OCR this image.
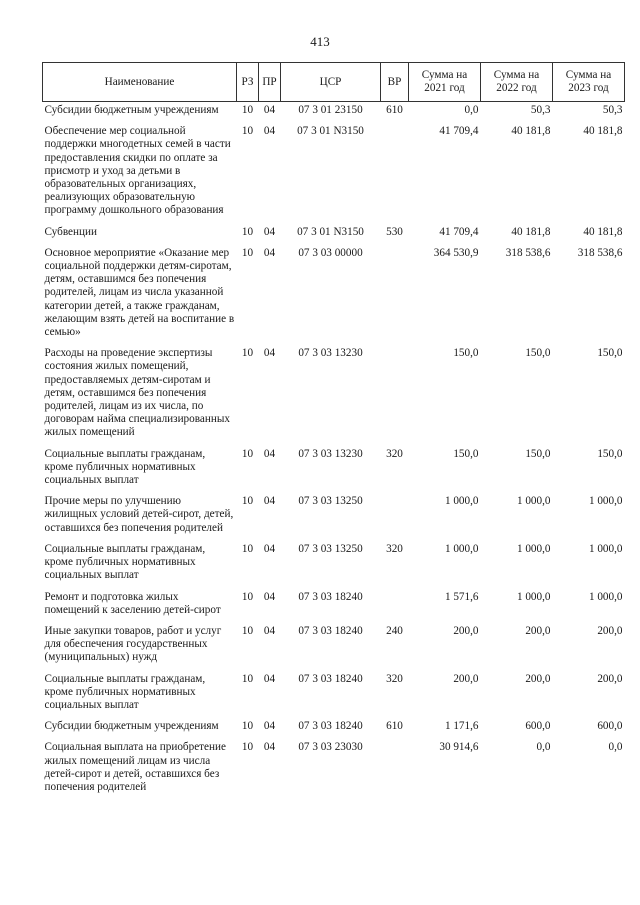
413
Наименование	РЗ	ПР	ЦСР	ВР	Сумма на 2021 год	Сумма на 2022 год	Сумма на 2023 год
Субсидии бюджетным учреждениям	10	04	07 3 01 23150	610	0,0	50,3	50,3

Обеспечение мер социальной поддержки многодетных семей в части предоставления скидки по оплате за присмотр и уход за детьми в образовательных организациях, реализующих образовательную программу дошкольного образования	10	04	07 3 01 N3150		41 709,4	40 181,8	40 181,8

Субвенции	10	04	07 3 01 N3150	530	41 709,4	40 181,8	40 181,8

Основное мероприятие «Оказание мер социальной поддержки детям-сиротам, детям, оставшимся без попечения родителей, лицам из числа указанной категории детей, а также гражданам, желающим взять детей на воспитание в семью»	10	04	07 3 03 00000		364 530,9	318 538,6	318 538,6

Расходы на проведение экспертизы состояния жилых помещений, предоставляемых детям-сиротам и детям, оставшимся без попечения родителей, лицам из их числа, по договорам найма специализированных жилых помещений	10	04	07 3 03 13230		150,0	150,0	150,0

Социальные выплаты гражданам, кроме публичных нормативных социальных выплат	10	04	07 3 03 13230	320	150,0	150,0	150,0

Прочие меры по улучшению жилищных условий детей-сирот, детей, оставшихся без попечения родителей	10	04	07 3 03 13250		1 000,0	1 000,0	1 000,0

Социальные выплаты гражданам, кроме публичных нормативных социальных выплат	10	04	07 3 03 13250	320	1 000,0	1 000,0	1 000,0

Ремонт и подготовка жилых помещений к заселению детей-сирот	10	04	07 3 03 18240		1 571,6	1 000,0	1 000,0

Иные закупки товаров, работ и услуг для обеспечения государственных (муниципальных) нужд	10	04	07 3 03 18240	240	200,0	200,0	200,0

Социальные выплаты гражданам, кроме публичных нормативных социальных выплат	10	04	07 3 03 18240	320	200,0	200,0	200,0

Субсидии бюджетным учреждениям	10	04	07 3 03 18240	610	1 171,6	600,0	600,0

Социальная выплата на приобретение жилых помещений лицам из числа детей-сирот и детей, оставшихся без попечения родителей	10	04	07 3 03 23030		30 914,6	0,0	0,0
